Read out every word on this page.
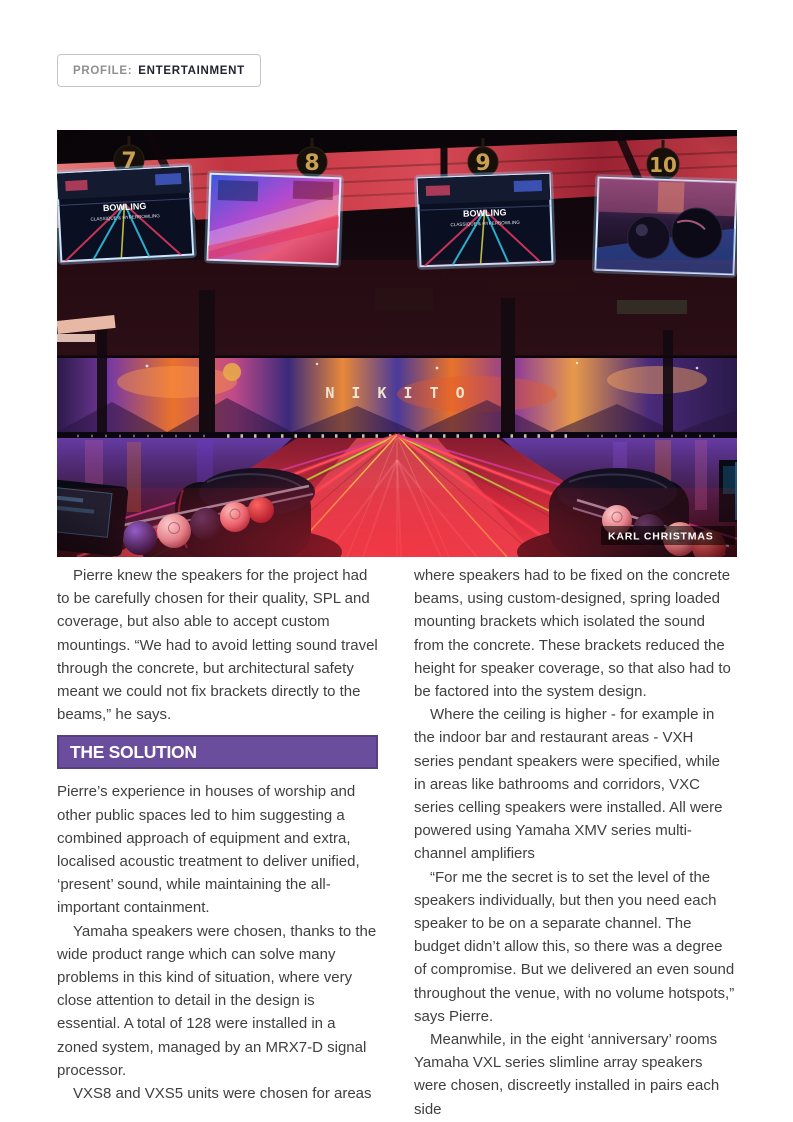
PROFILE: ENTERTAINMENT
KARL CHRISTMAS

Pierre knew the speakers for the project had to be carefully chosen for their quality, SPL and coverage, but also able to accept custom mountings. “We had to avoid letting sound travel through the concrete, but architectural safety meant we could not fix brackets directly to the beams,” he says.

THE SOLUTION

Pierre’s experience in houses of worship and other public spaces led to him suggesting a combined approach of equipment and extra, localised acoustic treatment to deliver unified, ‘present’ sound, while maintaining the all-important containment.

Yamaha speakers were chosen, thanks to the wide product range which can solve many problems in this kind of situation, where very close attention to detail in the design is essential. A total of 128 were installed in a zoned system, managed by an MRX7-D signal processor.

VXS8 and VXS5 units were chosen for areas

where speakers had to be fixed on the concrete beams, using custom-designed, spring loaded mounting brackets which isolated the sound from the concrete. These brackets reduced the height for speaker coverage, so that also had to be factored into the system design.

Where the ceiling is higher - for example in the indoor bar and restaurant areas - VXH series pendant speakers were specified, while in areas like bathrooms and corridors, VXC series celling speakers were installed. All were powered using Yamaha XMV series multi-channel amplifiers

“For me the secret is to set the level of the speakers individually, but then you need each speaker to be on a separate channel. The budget didn’t allow this, so there was a degree of compromise. But we delivered an even sound throughout the venue, with no volume hotspots,” says Pierre.

Meanwhile, in the eight ‘anniversary’ rooms Yamaha VXL series slimline array speakers were chosen, discreetly installed in pairs each side
